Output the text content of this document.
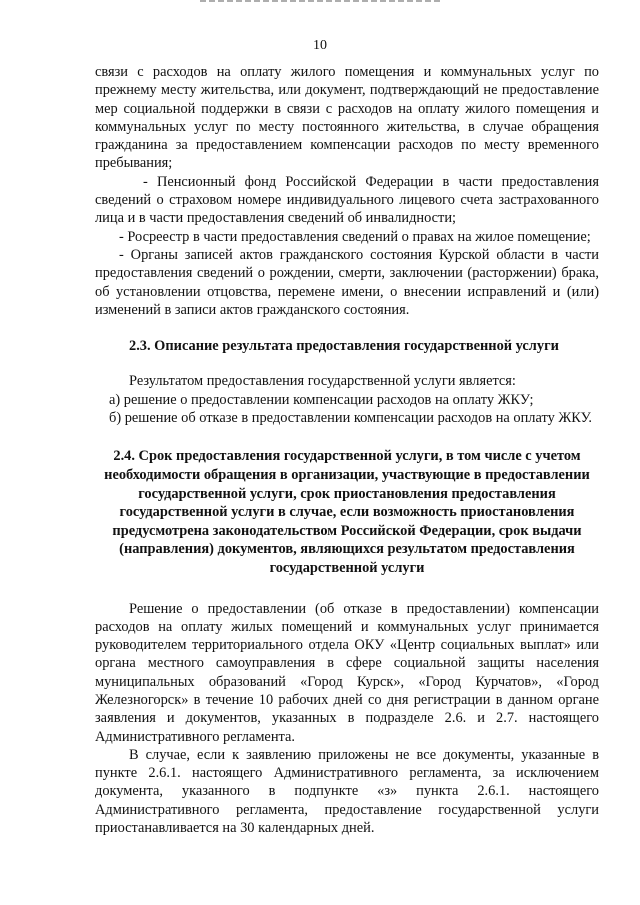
10

связи с расходов на оплату жилого помещения и коммунальных услуг по прежнему месту жительства, или документ, подтверждающий не предоставление мер социальной поддержки в связи с расходов на оплату жилого помещения и коммунальных услуг по месту постоянного жительства, в случае обращения гражданина за предоставлением компенсации расходов по месту временного пребывания;

- Пенсионный фонд Российской Федерации в части предоставления сведений о страховом номере индивидуального лицевого счета застрахованного лица и в части предоставления сведений об инвалидности;

- Росреестр в части предоставления сведений о правах на жилое помещение;

- Органы записей актов гражданского состояния Курской области в части предоставления сведений о рождении, смерти, заключении (расторжении) брака, об установлении отцовства, перемене имени, о внесении исправлений и (или) изменений в записи актов гражданского состояния.

2.3. Описание результата предоставления государственной услуги

Результатом предоставления государственной услуги является:

а) решение о предоставлении компенсации расходов на оплату ЖКУ;

б) решение об отказе в предоставлении компенсации расходов на оплату ЖКУ.

2.4. Срок предоставления государственной услуги, в том числе с учетом необходимости обращения в организации, участвующие в предоставлении государственной услуги, срок приостановления предоставления государственной услуги в случае, если возможность приостановления предусмотрена законодательством Российской Федерации, срок выдачи (направления) документов, являющихся результатом предоставления государственной услуги

Решение о предоставлении (об отказе в предоставлении) компенсации расходов на оплату жилых помещений и коммунальных услуг принимается руководителем территориального отдела ОКУ «Центр социальных выплат» или органа местного самоуправления в сфере социальной защиты населения муниципальных образований «Город Курск», «Город Курчатов», «Город Железногорск» в течение 10 рабочих дней со дня регистрации в данном органе заявления и документов, указанных в подразделе 2.6. и 2.7. настоящего Административного регламента.

В случае, если к заявлению приложены не все документы, указанные в пункте 2.6.1. настоящего Административного регламента, за исключением документа, указанного в подпункте «з» пункта 2.6.1. настоящего Административного регламента, предоставление государственной услуги приостанавливается на 30 календарных дней.
